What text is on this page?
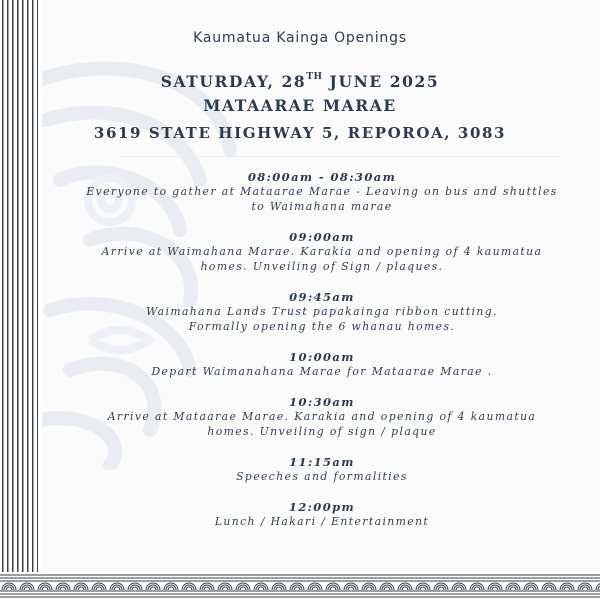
Kaumatua Kainga Openings
SATURDAY, 28TH JUNE 2025
MATAARAE MARAE
3619 STATE HIGHWAY 5, REPOROA, 3083
08:00am - 08:30am
Everyone to gather at Mataarae Marae - Leaving on bus and shuttles
to Waimahana marae
09:00am
Arrive at Waimahana Marae. Karakia and opening of 4 kaumatua
homes. Unveiling of Sign / plaques.
09:45am
Waimahana Lands Trust papakainga ribbon cutting.
Formally opening the 6 whanau homes.
10:00am
Depart Waimanahana Marae for Mataarae Marae .
10:30am
Arrive at Mataarae Marae. Karakia and opening of 4 kaumatua
homes. Unveiling of sign / plaque
11:15am
Speeches and formalities
12:00pm
Lunch / Hakari / Entertainment
